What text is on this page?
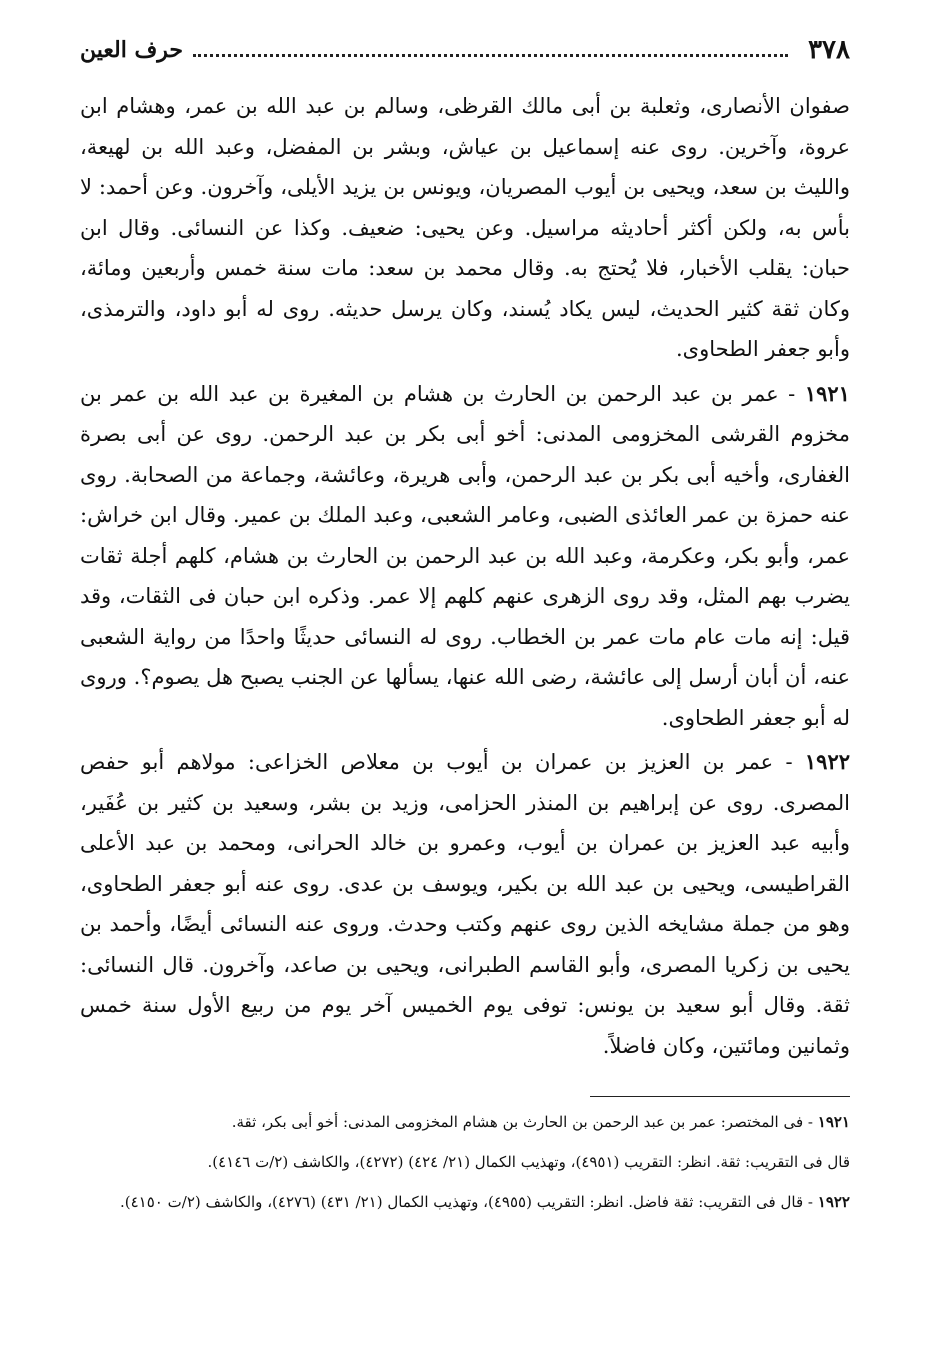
٣٧٨
حرف العين

صفوان الأنصارى، وثعلبة بن أبى مالك القرظى، وسالم بن عبد الله بن عمر، وهشام ابن عروة، وآخرين. روى عنه إسماعيل بن عياش، وبشر بن المفضل، وعبد الله بن لهيعة، والليث بن سعد، ويحيى بن أيوب المصريان، ويونس بن يزيد الأيلى، وآخرون. وعن أحمد: لا بأس به، ولكن أكثر أحاديثه مراسيل. وعن يحيى: ضعيف. وكذا عن النسائى. وقال ابن حبان: يقلب الأخبار، فلا يُحتج به. وقال محمد بن سعد: مات سنة خمس وأربعين ومائة، وكان ثقة كثير الحديث، ليس يكاد يُسند، وكان يرسل حديثه. روى له أبو داود، والترمذى، وأبو جعفر الطحاوى.

١٩٢١ - عمر بن عبد الرحمن بن الحارث بن هشام بن المغيرة بن عبد الله بن عمر بن مخزوم القرشى المخزومى المدنى: أخو أبى بكر بن عبد الرحمن. روى عن أبى بصرة الغفارى، وأخيه أبى بكر بن عبد الرحمن، وأبى هريرة، وعائشة، وجماعة من الصحابة. روى عنه حمزة بن عمر العائذى الضبى، وعامر الشعبى، وعبد الملك بن عمير. وقال ابن خراش: عمر، وأبو بكر، وعكرمة، وعبد الله بن عبد الرحمن بن الحارث بن هشام، كلهم أجلة ثقات يضرب بهم المثل، وقد روى الزهرى عنهم كلهم إلا عمر. وذكره ابن حبان فى الثقات، وقد قيل: إنه مات عام مات عمر بن الخطاب. روى له النسائى حديثًا واحدًا من رواية الشعبى عنه، أن أبان أرسل إلى عائشة، رضى الله عنها، يسألها عن الجنب يصبح هل يصوم؟. وروى له أبو جعفر الطحاوى.

١٩٢٢ - عمر بن العزيز بن عمران بن أيوب بن معلاص الخزاعى: مولاهم أبو حفص المصرى. روى عن إبراهيم بن المنذر الحزامى، وزيد بن بشر، وسعيد بن كثير بن عُفَير، وأبيه عبد العزيز بن عمران بن أيوب، وعمرو بن خالد الحرانى، ومحمد بن عبد الأعلى القراطيسى، ويحيى بن عبد الله بن بكير، ويوسف بن عدى. روى عنه أبو جعفر الطحاوى، وهو من جملة مشايخه الذين روى عنهم وكتب وحدث. وروى عنه النسائى أيضًا، وأحمد بن يحيى بن زكريا المصرى، وأبو القاسم الطبرانى، ويحيى بن صاعد، وآخرون. قال النسائى: ثقة. وقال أبو سعيد بن يونس: توفى يوم الخميس آخر يوم من ربيع الأول سنة خمس وثمانين ومائتين، وكان فاضلاً.

١٩٢١ - فى المختصر: عمر بن عبد الرحمن بن الحارث بن هشام المخزومى المدنى: أخو أبى بكر، ثقة.

قال فى التقريب: ثقة. انظر: التقريب (٤٩٥١)، وتهذيب الكمال (٢١/ ٤٢٤) (٤٢٧٢)، والكاشف (٢/ت ٤١٤٦).

١٩٢٢ - قال فى التقريب: ثقة فاضل. انظر: التقريب (٤٩٥٥)، وتهذيب الكمال (٢١/ ٤٣١) (٤٢٧٦)، والكاشف (٢/ت ٤١٥٠).
